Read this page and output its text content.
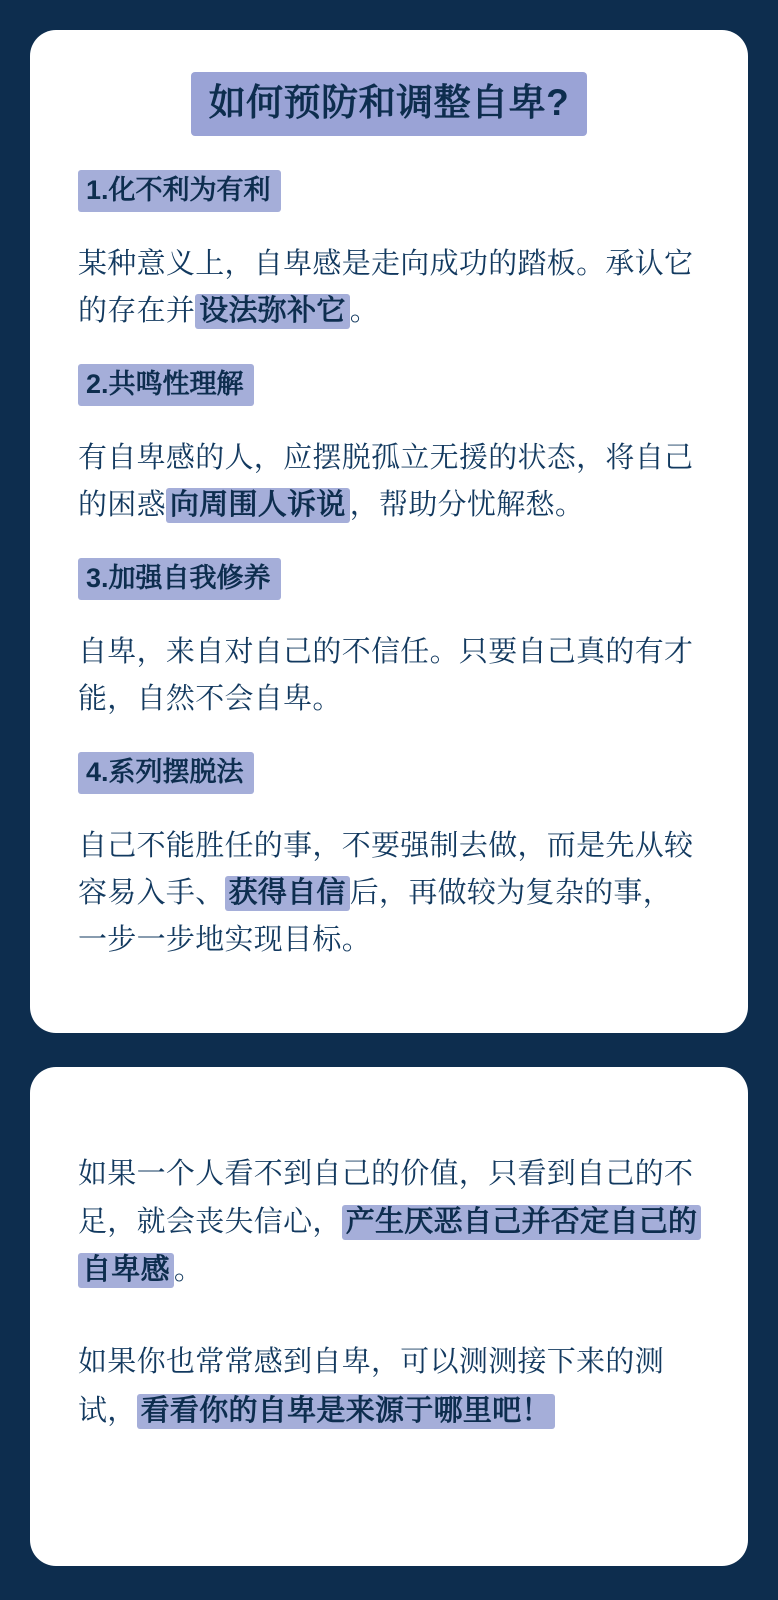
如何预防和调整自卑?
1.化不利为有利

某种意义上，自卑感是走向成功的踏板。承认它的存在并 设法弥补它 。

2.共鸣性理解

有自卑感的人，应摆脱孤立无援的状态，将自己的困惑 向周围人诉说 ，帮助分忧解愁。

3.加强自我修养

自卑，来自对自己的不信任。只要自己真的有才能，自然不会自卑。

4.系列摆脱法

自己不能胜任的事，不要强制去做，而是先从较容易入手、 获得自信 后，再做较为复杂的事，一步一步地实现目标。

如果一个人看不到自己的价值，只看到自己的不足，就会丧失信心， 产生厌恶自己并否定自己的自卑感 。

如果你也常常感到自卑，可以测测接下来的测试， 看看你的自卑是来源于哪里吧！
